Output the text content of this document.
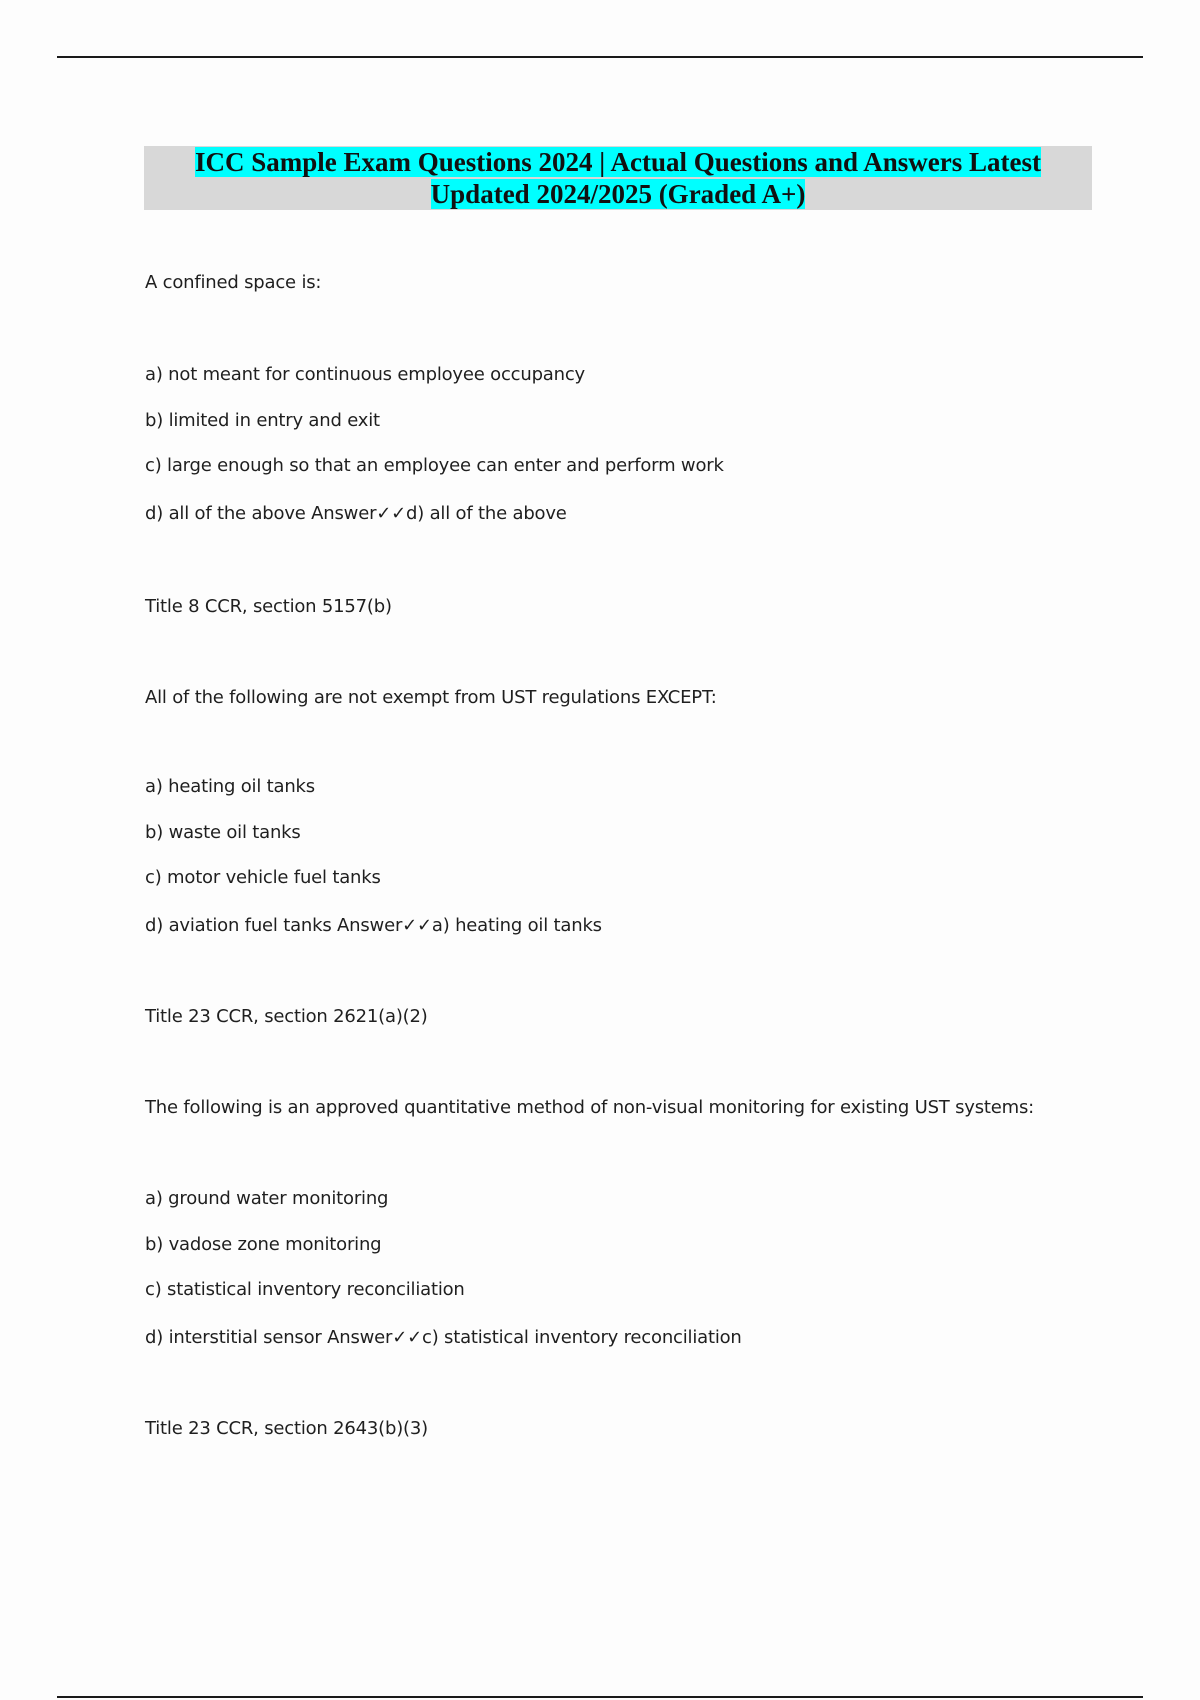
ICC Sample Exam Questions 2024 | Actual Questions and Answers Latest
Updated 2024/2025 (Graded A+)
A confined space is:
a) not meant for continuous employee occupancy
b) limited in entry and exit
c) large enough so that an employee can enter and perform work
d) all of the above Answer✓✓d) all of the above
Title 8 CCR, section 5157(b)
All of the following are not exempt from UST regulations EXCEPT:
a) heating oil tanks
b) waste oil tanks
c) motor vehicle fuel tanks
d) aviation fuel tanks Answer✓✓a) heating oil tanks
Title 23 CCR, section 2621(a)(2)
The following is an approved quantitative method of non-visual monitoring for existing UST systems:
a) ground water monitoring
b) vadose zone monitoring
c) statistical inventory reconciliation
d) interstitial sensor Answer✓✓c) statistical inventory reconciliation
Title 23 CCR, section 2643(b)(3)
